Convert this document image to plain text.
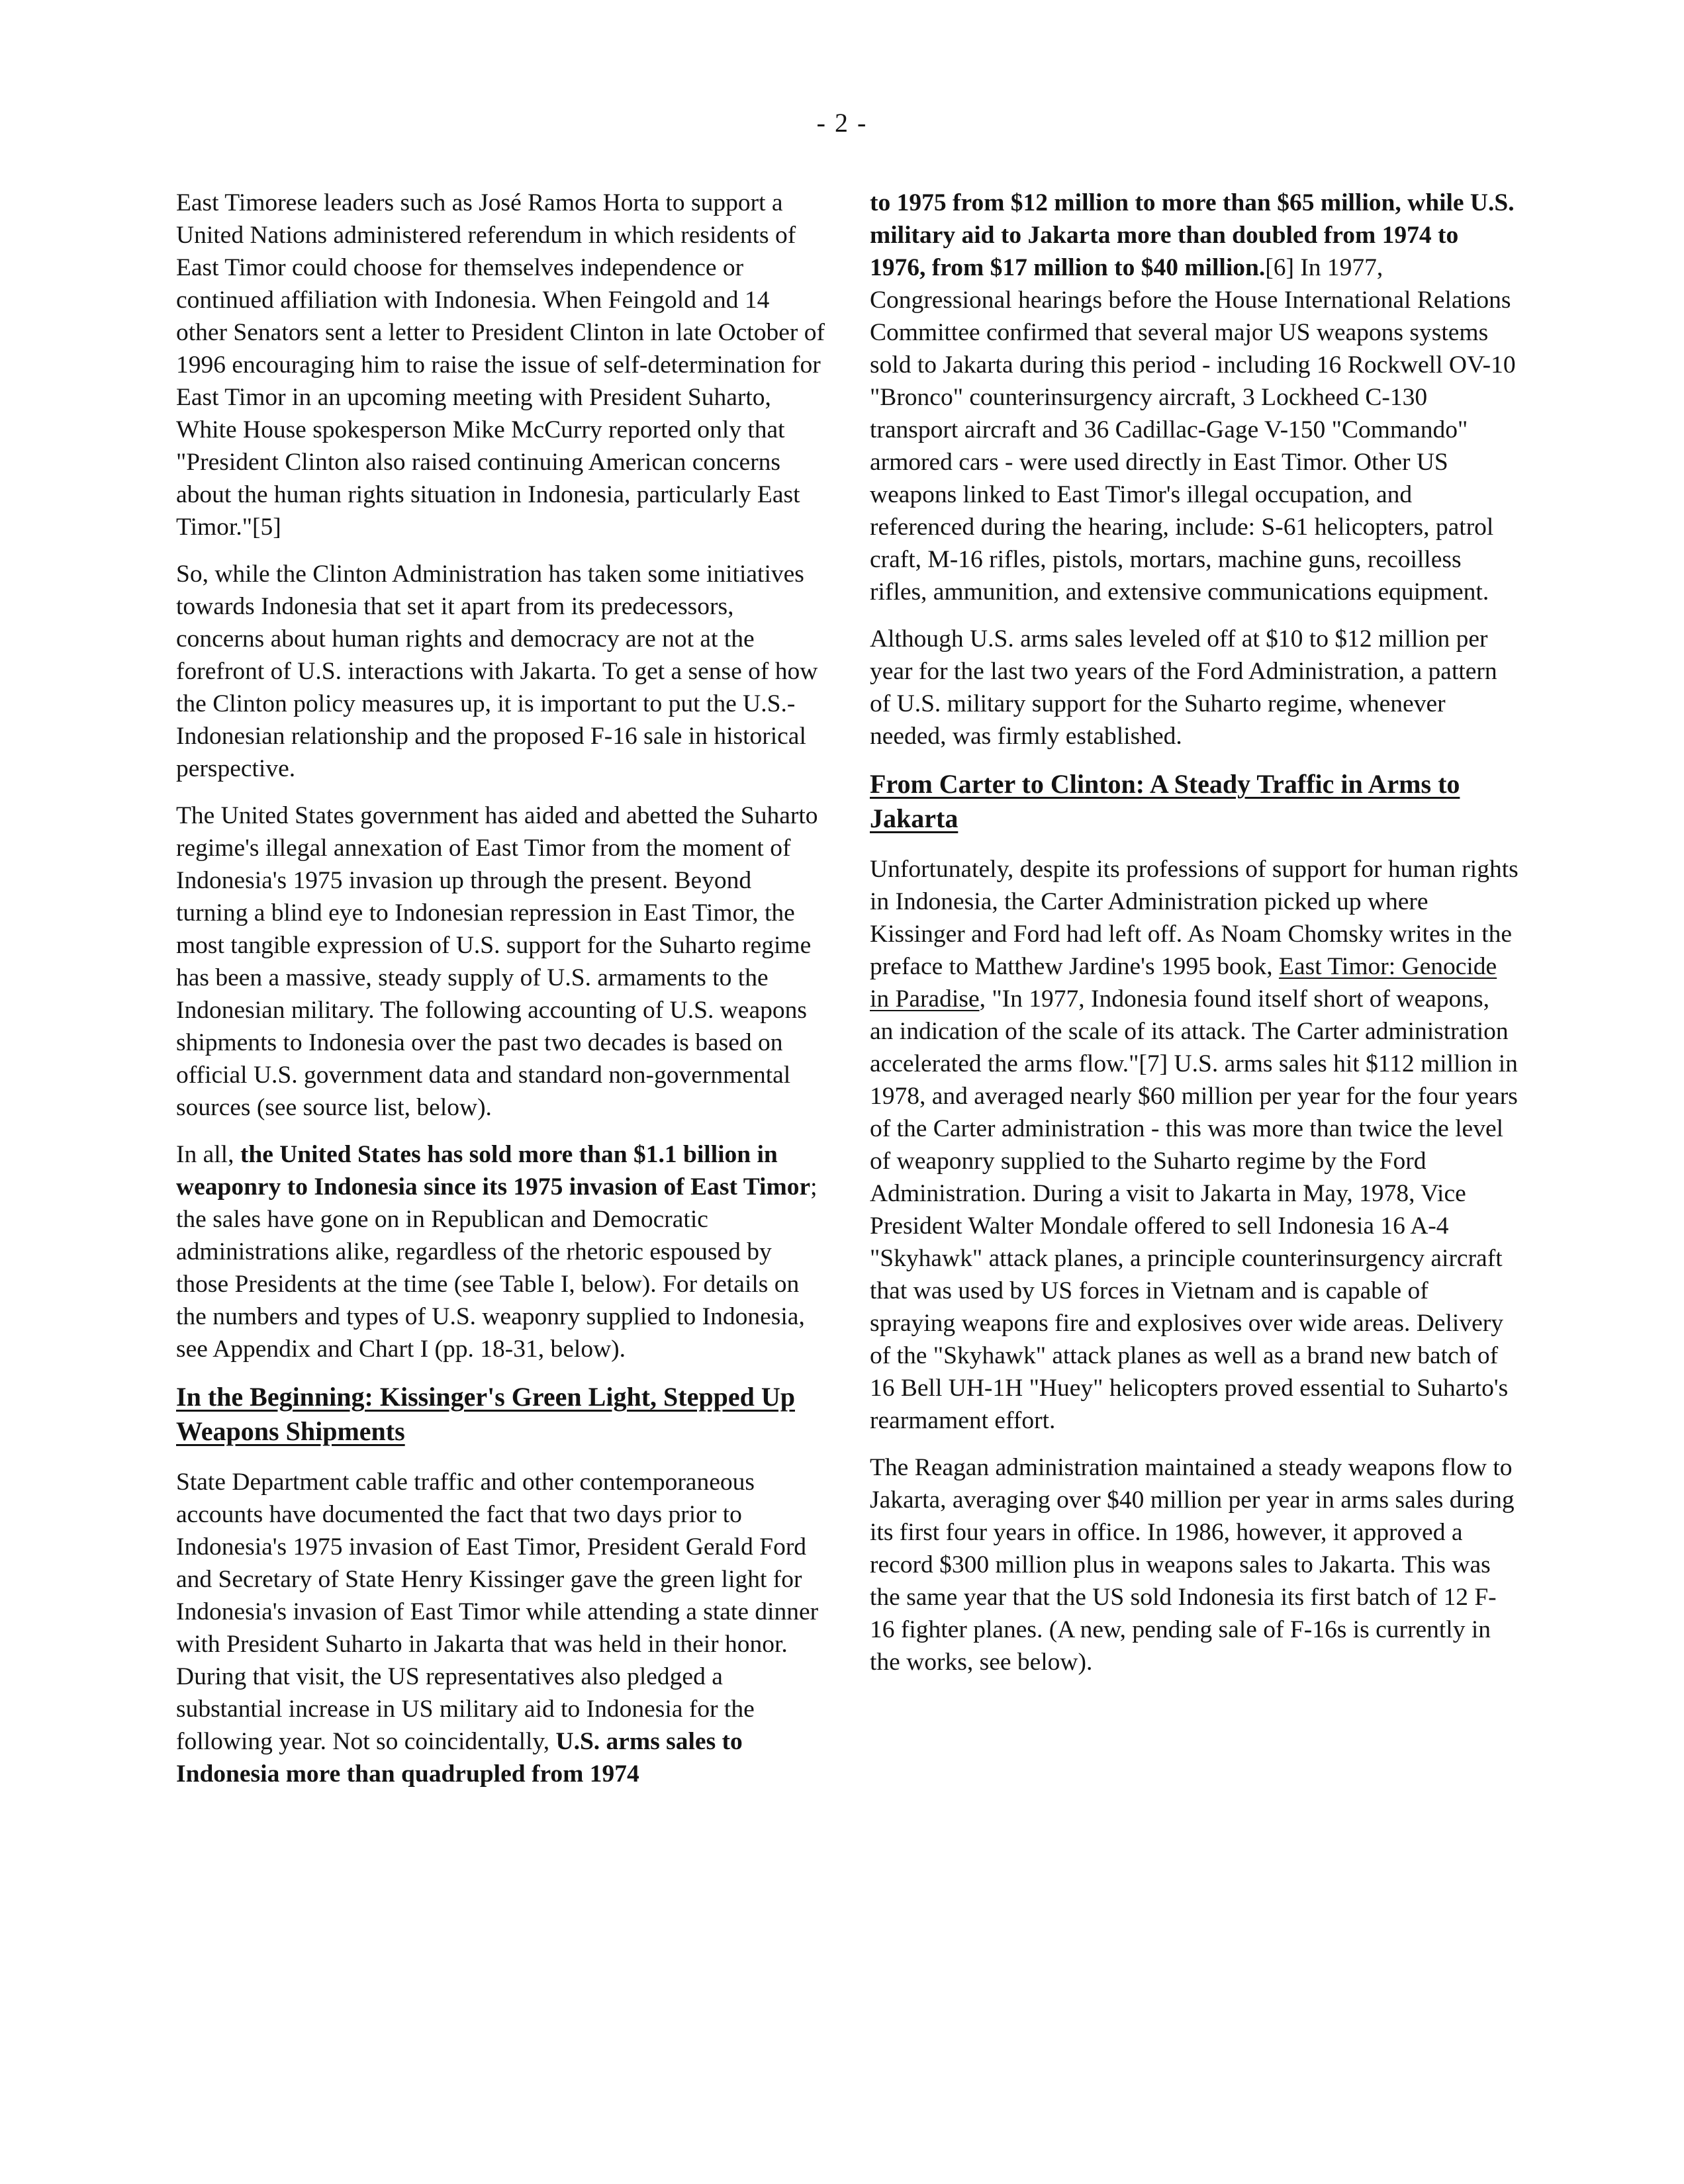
- 2 -

East Timorese leaders such as José Ramos Horta to support a United Nations administered referendum in which residents of East Timor could choose for themselves independence or continued affiliation with Indonesia. When Feingold and 14 other Senators sent a letter to President Clinton in late October of 1996 encouraging him to raise the issue of self-determination for East Timor in an upcoming meeting with President Suharto, White House spokesperson Mike McCurry reported only that "President Clinton also raised continuing American concerns about the human rights situation in Indonesia, particularly East Timor."[5]

So, while the Clinton Administration has taken some initiatives towards Indonesia that set it apart from its predecessors, concerns about human rights and democracy are not at the forefront of U.S. interactions with Jakarta. To get a sense of how the Clinton policy measures up, it is important to put the U.S.-Indonesian relationship and the proposed F-16 sale in historical perspective.

The United States government has aided and abetted the Suharto regime's illegal annexation of East Timor from the moment of Indonesia's 1975 invasion up through the present. Beyond turning a blind eye to Indonesian repression in East Timor, the most tangible expression of U.S. support for the Suharto regime has been a massive, steady supply of U.S. armaments to the Indonesian military. The following accounting of U.S. weapons shipments to Indonesia over the past two decades is based on official U.S. government data and standard non-governmental sources (see source list, below).

In all, the United States has sold more than $1.1 billion in weaponry to Indonesia since its 1975 invasion of East Timor; the sales have gone on in Republican and Democratic administrations alike, regardless of the rhetoric espoused by those Presidents at the time (see Table I, below). For details on the numbers and types of U.S. weaponry supplied to Indonesia, see Appendix and Chart I (pp. 18-31, below).

In the Beginning: Kissinger's Green Light, Stepped Up Weapons Shipments

State Department cable traffic and other contemporaneous accounts have documented the fact that two days prior to Indonesia's 1975 invasion of East Timor, President Gerald Ford and Secretary of State Henry Kissinger gave the green light for Indonesia's invasion of East Timor while attending a state dinner with President Suharto in Jakarta that was held in their honor. During that visit, the US representatives also pledged a substantial increase in US military aid to Indonesia for the following year. Not so coincidentally, U.S. arms sales to Indonesia more than quadrupled from 1974

to 1975 from $12 million to more than $65 million, while U.S. military aid to Jakarta more than doubled from 1974 to 1976, from $17 million to $40 million.[6] In 1977, Congressional hearings before the House International Relations Committee confirmed that several major US weapons systems sold to Jakarta during this period - including 16 Rockwell OV-10 "Bronco" counterinsurgency aircraft, 3 Lockheed C-130 transport aircraft and 36 Cadillac-Gage V-150 "Commando" armored cars - were used directly in East Timor. Other US weapons linked to East Timor's illegal occupation, and referenced during the hearing, include: S-61 helicopters, patrol craft, M-16 rifles, pistols, mortars, machine guns, recoilless rifles, ammunition, and extensive communications equipment.

Although U.S. arms sales leveled off at $10 to $12 million per year for the last two years of the Ford Administration, a pattern of U.S. military support for the Suharto regime, whenever needed, was firmly established.

From Carter to Clinton: A Steady Traffic in Arms to Jakarta

Unfortunately, despite its professions of support for human rights in Indonesia, the Carter Administration picked up where Kissinger and Ford had left off. As Noam Chomsky writes in the preface to Matthew Jardine's 1995 book, East Timor: Genocide in Paradise, "In 1977, Indonesia found itself short of weapons, an indication of the scale of its attack. The Carter administration accelerated the arms flow."[7] U.S. arms sales hit $112 million in 1978, and averaged nearly $60 million per year for the four years of the Carter administration - this was more than twice the level of weaponry supplied to the Suharto regime by the Ford Administration. During a visit to Jakarta in May, 1978, Vice President Walter Mondale offered to sell Indonesia 16 A-4 "Skyhawk" attack planes, a principle counterinsurgency aircraft that was used by US forces in Vietnam and is capable of spraying weapons fire and explosives over wide areas. Delivery of the "Skyhawk" attack planes as well as a brand new batch of 16 Bell UH-1H "Huey" helicopters proved essential to Suharto's rearmament effort.

The Reagan administration maintained a steady weapons flow to Jakarta, averaging over $40 million per year in arms sales during its first four years in office. In 1986, however, it approved a record $300 million plus in weapons sales to Jakarta. This was the same year that the US sold Indonesia its first batch of 12 F-16 fighter planes. (A new, pending sale of F-16s is currently in the works, see below).
